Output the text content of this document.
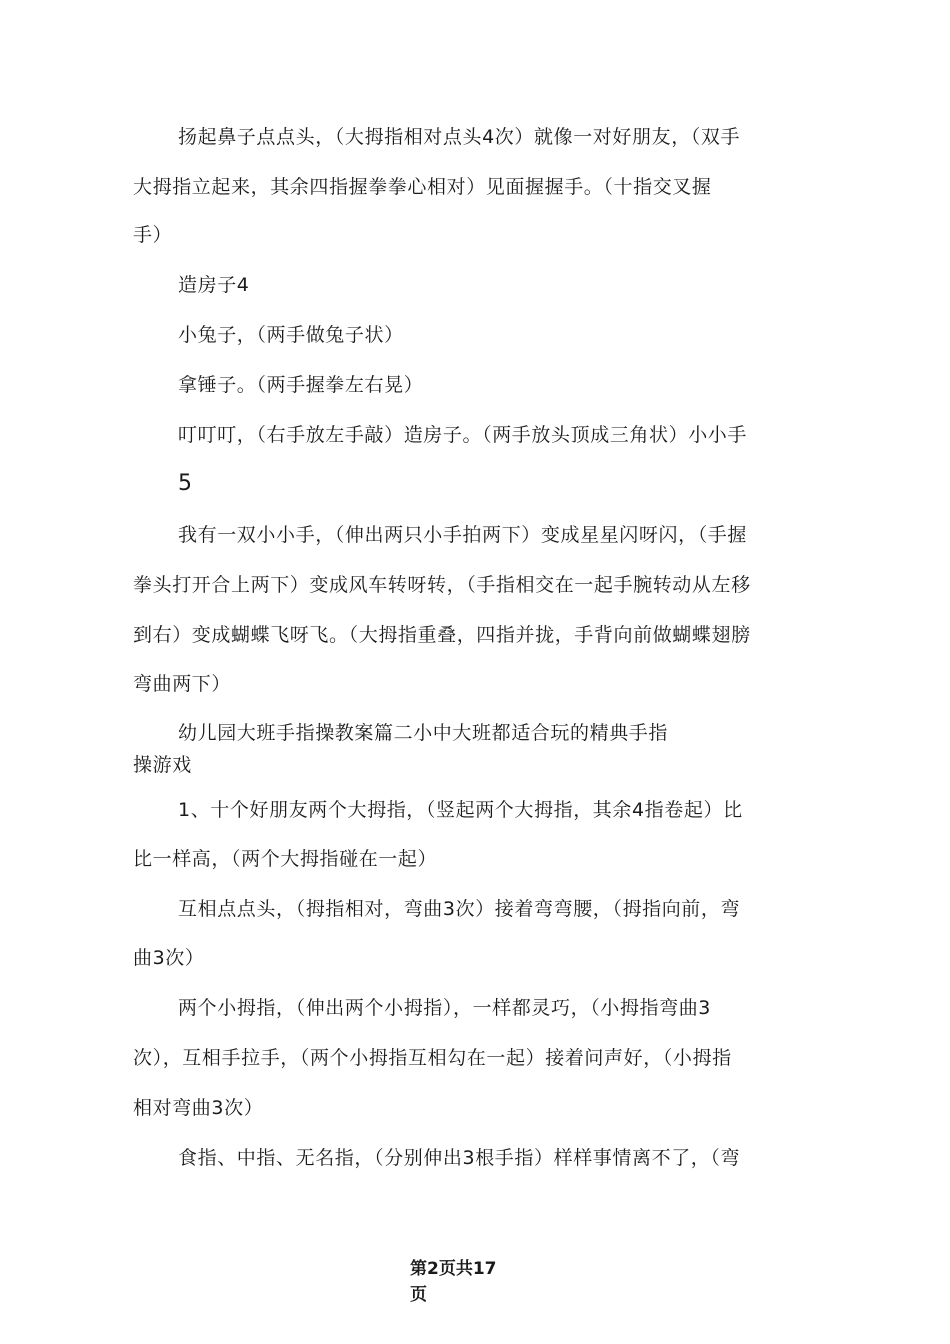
扬起鼻子点点头，（大拇指相对点头4次）就像一对好朋友，（双手

大拇指立起来，其余四指握拳拳心相对）见面握握手。（十指交叉握

手）

造房子4

小兔子，（两手做兔子状）

拿锤子。（两手握拳左右晃）

叮叮叮，（右手放左手敲）造房子。（两手放头顶成三角状）小小手

5

我有一双小小手，（伸出两只小手拍两下）变成星星闪呀闪，（手握

拳头打开合上两下）变成风车转呀转，（手指相交在一起手腕转动从左移

到右）变成蝴蝶飞呀飞。（大拇指重叠，四指并拢，手背向前做蝴蝶翅膀

弯曲两下）

幼儿园大班手指操教案篇二小中大班都适合玩的精典手指

操游戏

1、十个好朋友两个大拇指，（竖起两个大拇指，其余4指卷起）比

比一样高，（两个大拇指碰在一起）

互相点点头，（拇指相对，弯曲3次）接着弯弯腰，（拇指向前，弯

曲3次）

两个小拇指，（伸出两个小拇指），一样都灵巧，（小拇指弯曲3

次），互相手拉手，（两个小拇指互相勾在一起）接着问声好，（小拇指

相对弯曲3次）

食指、中指、无名指，（分别伸出3根手指）样样事情离不了，（弯

第2页共17
页
